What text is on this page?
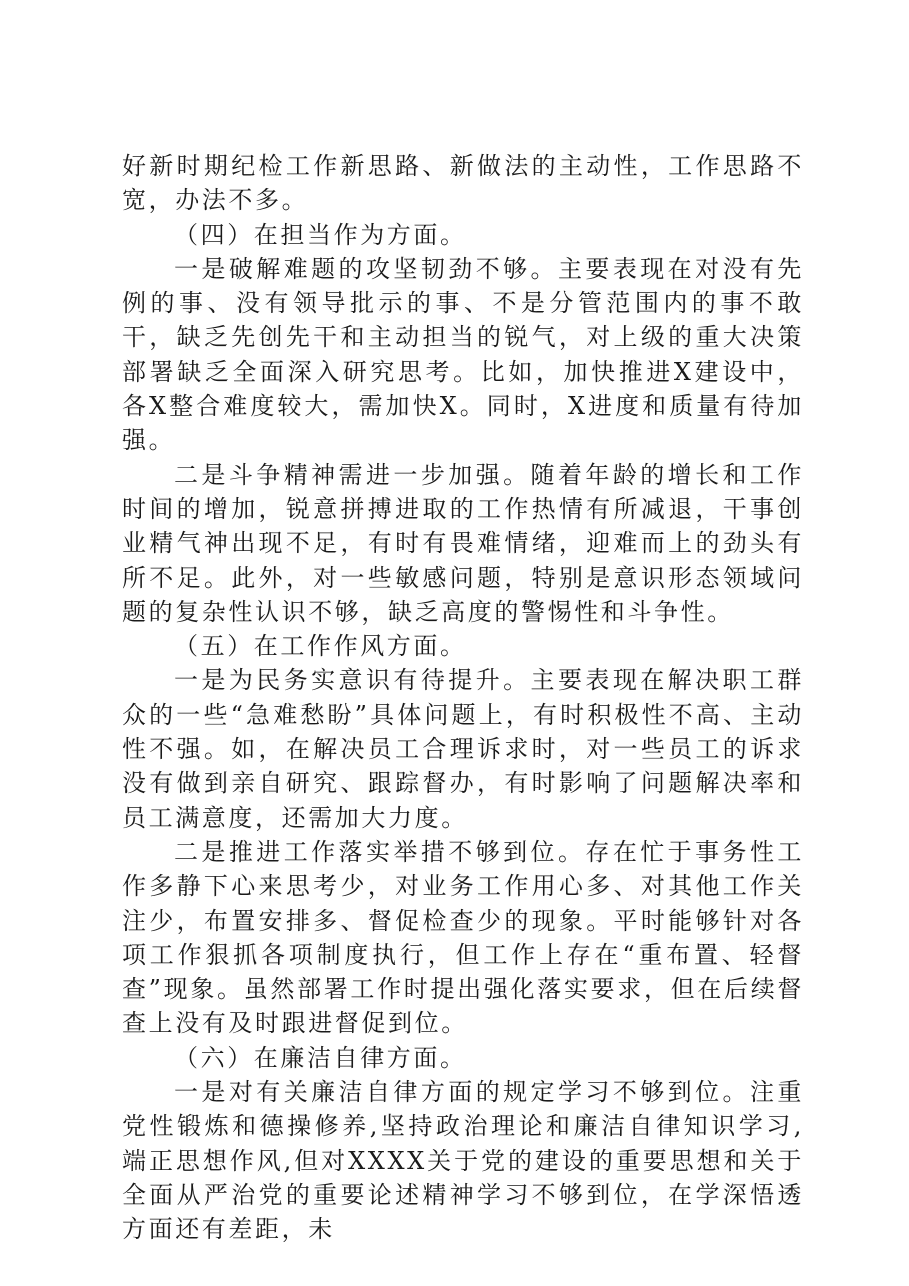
好新时期纪检工作新思路、新做法的主动性，工作思路不宽，办法不多。

（四）在担当作为方面。

一是破解难题的攻坚韧劲不够。主要表现在对没有先例的事、没有领导批示的事、不是分管范围内的事不敢干，缺乏先创先干和主动担当的锐气，对上级的重大决策部署缺乏全面深入研究思考。比如，加快推进X建设中，各X整合难度较大，需加快X。同时，X进度和质量有待加强。

二是斗争精神需进一步加强。随着年龄的增长和工作时间的增加，锐意拼搏进取的工作热情有所减退，干事创业精气神出现不足，有时有畏难情绪，迎难而上的劲头有所不足。此外，对一些敏感问题，特别是意识形态领域问题的复杂性认识不够，缺乏高度的警惕性和斗争性。

（五）在工作作风方面。

一是为民务实意识有待提升。主要表现在解决职工群众的一些“急难愁盼”具体问题上，有时积极性不高、主动性不强。如，在解决员工合理诉求时，对一些员工的诉求没有做到亲自研究、跟踪督办，有时影响了问题解决率和员工满意度，还需加大力度。

二是推进工作落实举措不够到位。存在忙于事务性工作多静下心来思考少，对业务工作用心多、对其他工作关注少，布置安排多、督促检查少的现象。平时能够针对各项工作狠抓各项制度执行，但工作上存在“重布置、轻督查”现象。虽然部署工作时提出强化落实要求，但在后续督查上没有及时跟进督促到位。

（六）在廉洁自律方面。

一是对有关廉洁自律方面的规定学习不够到位。注重党性锻炼和德操修养,坚持政治理论和廉洁自律知识学习,端正思想作风,但对XXXX关于党的建设的重要思想和关于全面从严治党的重要论述精神学习不够到位，在学深悟透方面还有差距，未
